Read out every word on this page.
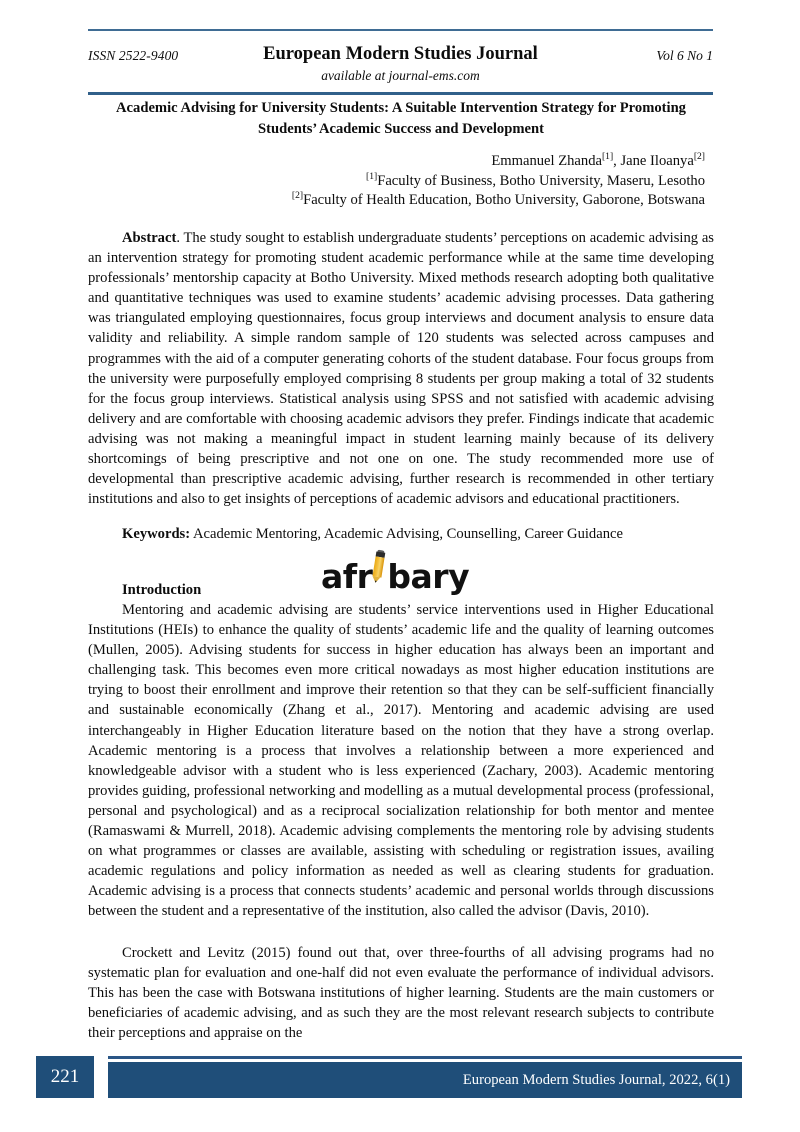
ISSN 2522-9400	European Modern Studies Journal
available at journal-ems.com
Vol 6 No 1
Academic Advising for University Students: A Suitable Intervention Strategy for Promoting Students’ Academic Success and Development
Emmanuel Zhanda[1], Jane Iloanya[2]
[1]Faculty of Business, Botho University, Maseru, Lesotho
[2]Faculty of Health Education, Botho University, Gaborone, Botswana
Abstract. The study sought to establish undergraduate students’ perceptions on academic advising as an intervention strategy for promoting student academic performance while at the same time developing professionals’ mentorship capacity at Botho University. Mixed methods research adopting both qualitative and quantitative techniques was used to examine students’ academic advising processes. Data gathering was triangulated employing questionnaires, focus group interviews and document analysis to ensure data validity and reliability. A simple random sample of 120 students was selected across campuses and programmes with the aid of a computer generating cohorts of the student database. Four focus groups from the university were purposefully employed comprising 8 students per group making a total of 32 students for the focus group interviews. Statistical analysis using SPSS and not satisfied with academic advising delivery and are comfortable with choosing academic advisors they prefer. Findings indicate that academic advising was not making a meaningful impact in student learning mainly because of its delivery shortcomings of being prescriptive and not one on one. The study recommended more use of developmental than prescriptive academic advising, further research is recommended in other tertiary institutions and also to get insights of perceptions of academic advisors and educational practitioners.
Keywords: Academic Mentoring, Academic Advising, Counselling, Career Guidance
afr bary
Introduction
Mentoring and academic advising are students’ service interventions used in Higher Educational Institutions (HEIs) to enhance the quality of students’ academic life and the quality of learning outcomes (Mullen, 2005). Advising students for success in higher education has always been an important and challenging task. This becomes even more critical nowadays as most higher education institutions are trying to boost their enrollment and improve their retention so that they can be self-sufficient financially and sustainable economically (Zhang et al., 2017). Mentoring and academic advising are used interchangeably in Higher Education literature based on the notion that they have a strong overlap. Academic mentoring is a process that involves a relationship between a more experienced and knowledgeable advisor with a student who is less experienced (Zachary, 2003). Academic mentoring provides guiding, professional networking and modelling as a mutual developmental process (professional, personal and psychological) and as a reciprocal socialization relationship for both mentor and mentee (Ramaswami & Murrell, 2018). Academic advising complements the mentoring role by advising students on what programmes or classes are available, assisting with scheduling or registration issues, availing academic regulations and policy information as needed as well as clearing students for graduation. Academic advising is a process that connects students’ academic and personal worlds through discussions between the student and a representative of the institution, also called the advisor (Davis, 2010).
Crockett and Levitz (2015) found out that, over three-fourths of all advising programs had no systematic plan for evaluation and one-half did not even evaluate the performance of individual advisors. This has been the case with Botswana institutions of higher learning. Students are the main customers or beneficiaries of academic advising, and as such they are the most relevant research subjects to contribute their perceptions and appraise on the
European Modern Studies Journal, 2022, 6(1)
221
